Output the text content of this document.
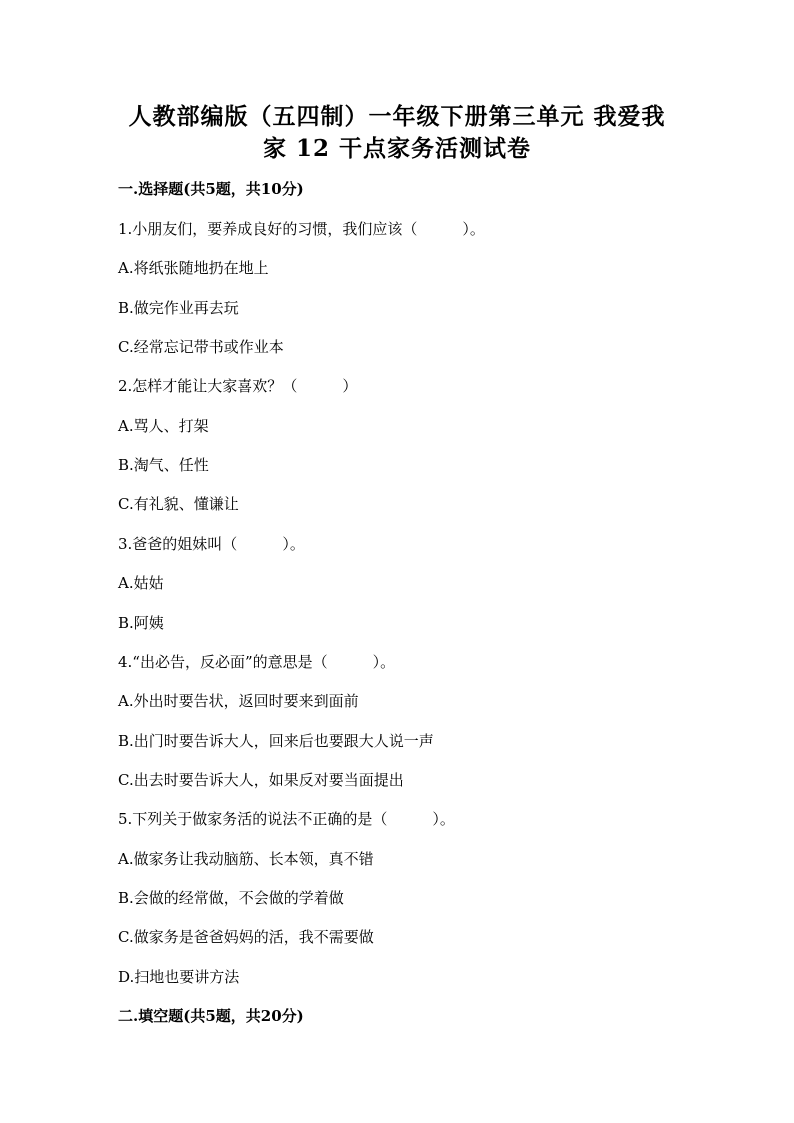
人教部编版（五四制）一年级下册第三单元 我爱我
家 12 干点家务活测试卷
一.选择题(共5题，共10分)
1.小朋友们，要养成良好的习惯，我们应该（　　　）。
A.将纸张随地扔在地上
B.做完作业再去玩
C.经常忘记带书或作业本
2.怎样才能让大家喜欢？（　　　）
A.骂人、打架
B.淘气、任性
C.有礼貌、懂谦让
3.爸爸的姐妹叫（　　　）。
A.姑姑
B.阿姨
4.“出必告，反必面”的意思是（　　　）。
A.外出时要告状，返回时要来到面前
B.出门时要告诉大人，回来后也要跟大人说一声
C.出去时要告诉大人，如果反对要当面提出
5.下列关于做家务活的说法不正确的是（　　　）。
A.做家务让我动脑筋、长本领，真不错
B.会做的经常做，不会做的学着做
C.做家务是爸爸妈妈的活，我不需要做
D.扫地也要讲方法
二.填空题(共5题，共20分)
